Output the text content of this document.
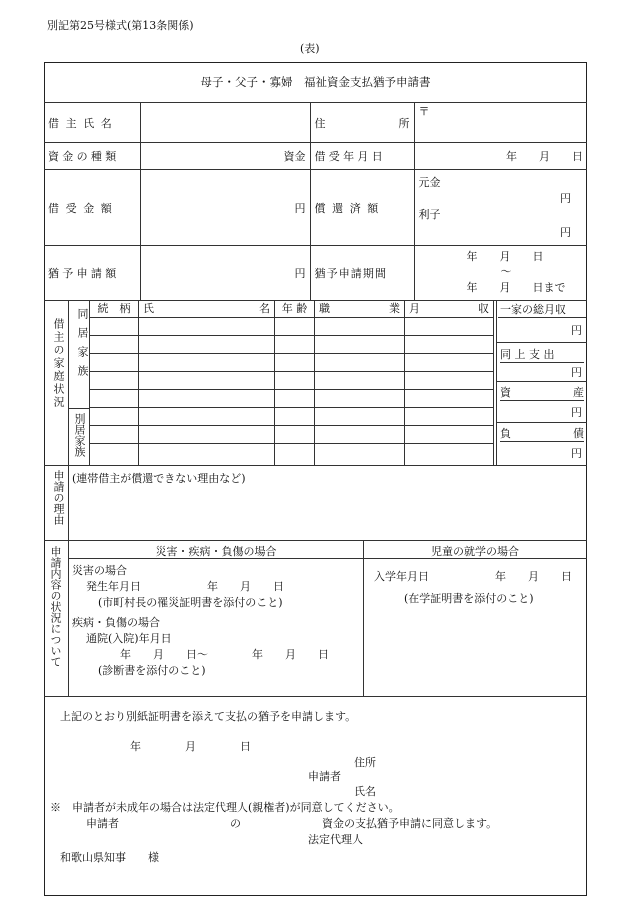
別記第25号様式(第13条関係)
(表)
母子・父子・寡婦　福祉資金支払猶予申請書
借主氏名		住 所	〒
資金の種類	資金	借受年月日	年　　月　　日
借受金額	円	償還済額	元金
円
利子
円

猶予申請額	円	猶予申請期間	年　　月　　日
〜
年　　月　　日まで
借主の家庭状況 同居家族
別居家族
続　柄	氏 名	年 齢	職 業	月 収

				一家の総月収
円
同 上 支 出
円
資	産
円
負	債
円
申請の理由 (連帯借主が償還できない理由など)
申請内容の状況について	災害・疾病・負傷の場合	児童の就学の場合
災害の場合
発生年月日　　　　　　年　　月　　日
(市町村長の罹災証明書を添付のこと)
疾病・負傷の場合
通院(入院)年月日
年　　月　　日〜　　　　年　　月　　日
(診断書を添付のこと)
入学年月日　　　　　　年　　月　　日
(在学証明書を添付のこと)
上記のとおり別紙証明書を添えて支払の猶予を申請します。
年　　　　月　　　　日
住所
申請者
氏名
※　申請者が未成年の場合は法定代理人(親権者)が同意してください。
申請者	の	資金の支払猶予申請に同意します。
法定代理人
和歌山県知事　　様
